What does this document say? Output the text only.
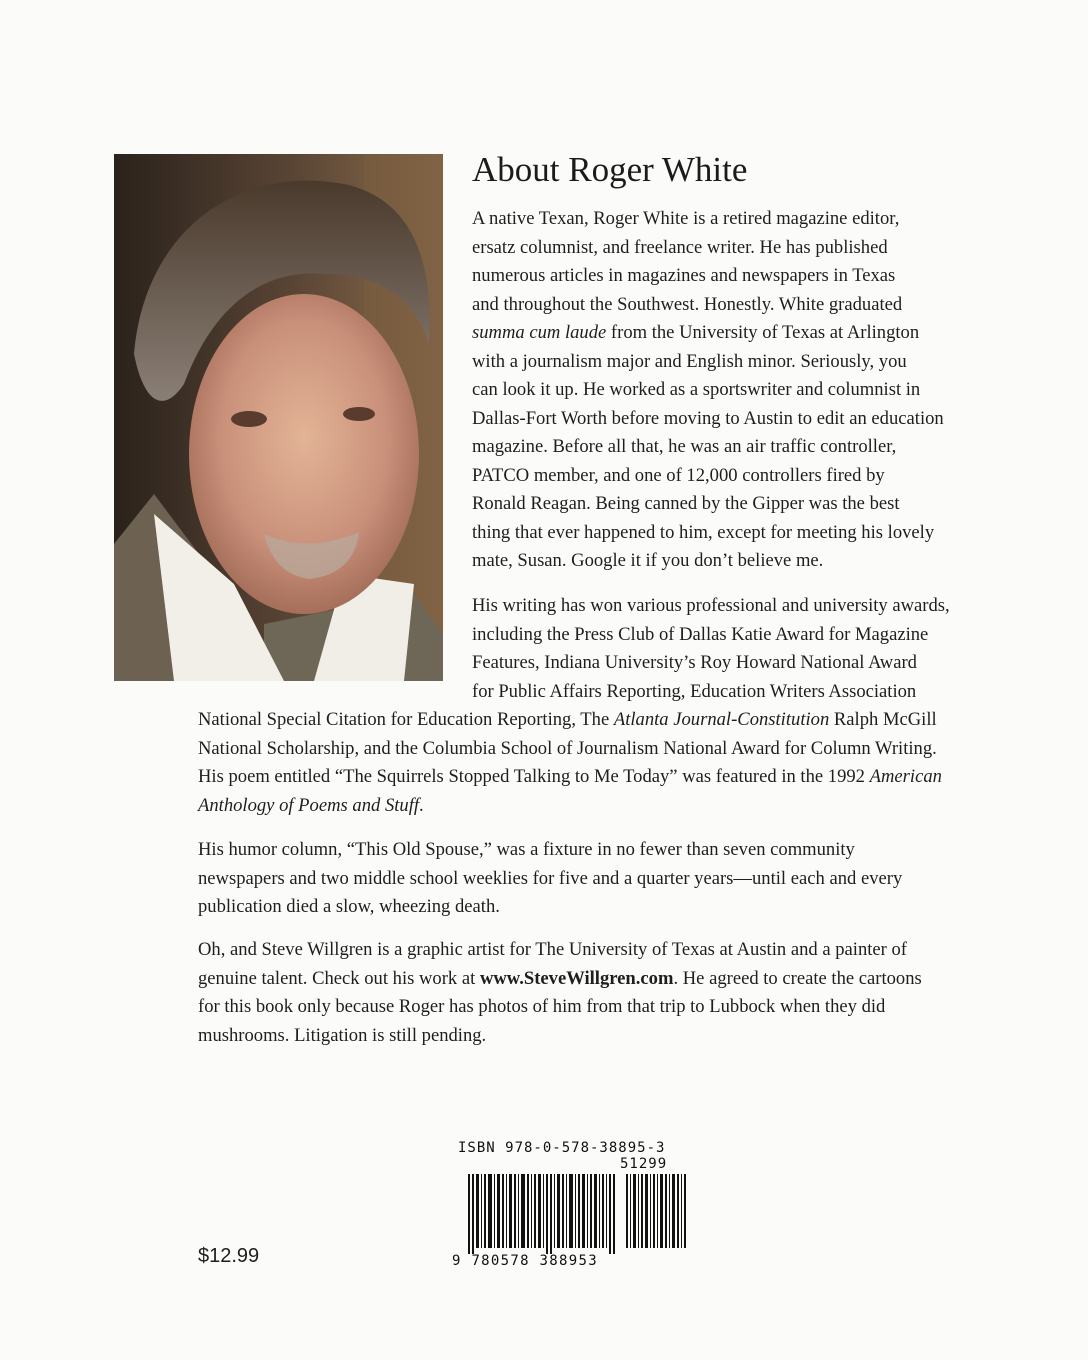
About Roger White

A native Texan, Roger White is a retired magazine editor,
ersatz columnist, and freelance writer. He has published
numerous articles in magazines and newspapers in Texas
and throughout the Southwest. Honestly. White graduated
summa cum laude from the University of Texas at Arlington
with a journalism major and English minor. Seriously, you
can look it up. He worked as a sportswriter and columnist in
Dallas-Fort Worth before moving to Austin to edit an education
magazine. Before all that, he was an air traffic controller,
PATCO member, and one of 12,000 controllers fired by
Ronald Reagan. Being canned by the Gipper was the best
thing that ever happened to him, except for meeting his lovely
mate, Susan. Google it if you don’t believe me.

His writing has won various professional and university awards,
including the Press Club of Dallas Katie Award for Magazine
Features, Indiana University’s Roy Howard National Award
for Public Affairs Reporting, Education Writers Association
National Special Citation for Education Reporting, The Atlanta Journal-Constitution Ralph McGill
National Scholarship, and the Columbia School of Journalism National Award for Column Writing.
His poem entitled “The Squirrels Stopped Talking to Me Today” was featured in the 1992 American
Anthology of Poems and Stuff.

His humor column, “This Old Spouse,” was a fixture in no fewer than seven community
newspapers and two middle school weeklies for five and a quarter years—until each and every
publication died a slow, wheezing death.

Oh, and Steve Willgren is a graphic artist for The University of Texas at Austin and a painter of
genuine talent. Check out his work at www.SteveWillgren.com. He agreed to create the cartoons
for this book only because Roger has photos of him from that trip to Lubbock when they did
mushrooms. Litigation is still pending.

$12.99
ISBN 978-0-578-38895-3
51299
9 780578 388953
